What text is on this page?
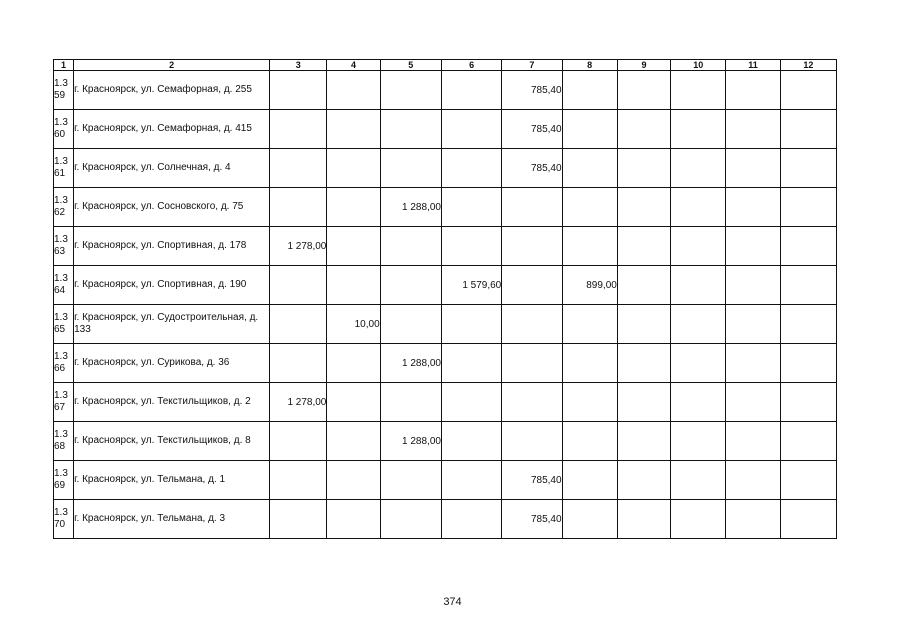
1	2	3	4	5	6	7	8	9	10	11	12

1.3
59	г. Красноярск, ул. Семафорная, д. 255					785,40					

1.3
60	г. Красноярск, ул. Семафорная, д. 415					785,40					

1.3
61	г. Красноярск, ул. Солнечная, д. 4					785,40					

1.3
62	г. Красноярск, ул. Сосновского, д. 75			1 288,00							

1.3
63	г. Красноярск, ул. Спортивная, д. 178	1 278,00									

1.3
64	г. Красноярск, ул. Спортивная, д. 190				1 579,60		899,00				

1.3
65	г. Красноярск, ул. Судостроительная, д. 133		10,00								

1.3
66	г. Красноярск, ул. Сурикова, д. 36			1 288,00							

1.3
67	г. Красноярск, ул. Текстильщиков, д. 2	1 278,00									

1.3
68	г. Красноярск, ул. Текстильщиков, д. 8			1 288,00							

1.3
69	г. Красноярск, ул. Тельмана, д. 1					785,40					

1.3
70	г. Красноярск, ул. Тельмана, д. 3					785,40					
374
